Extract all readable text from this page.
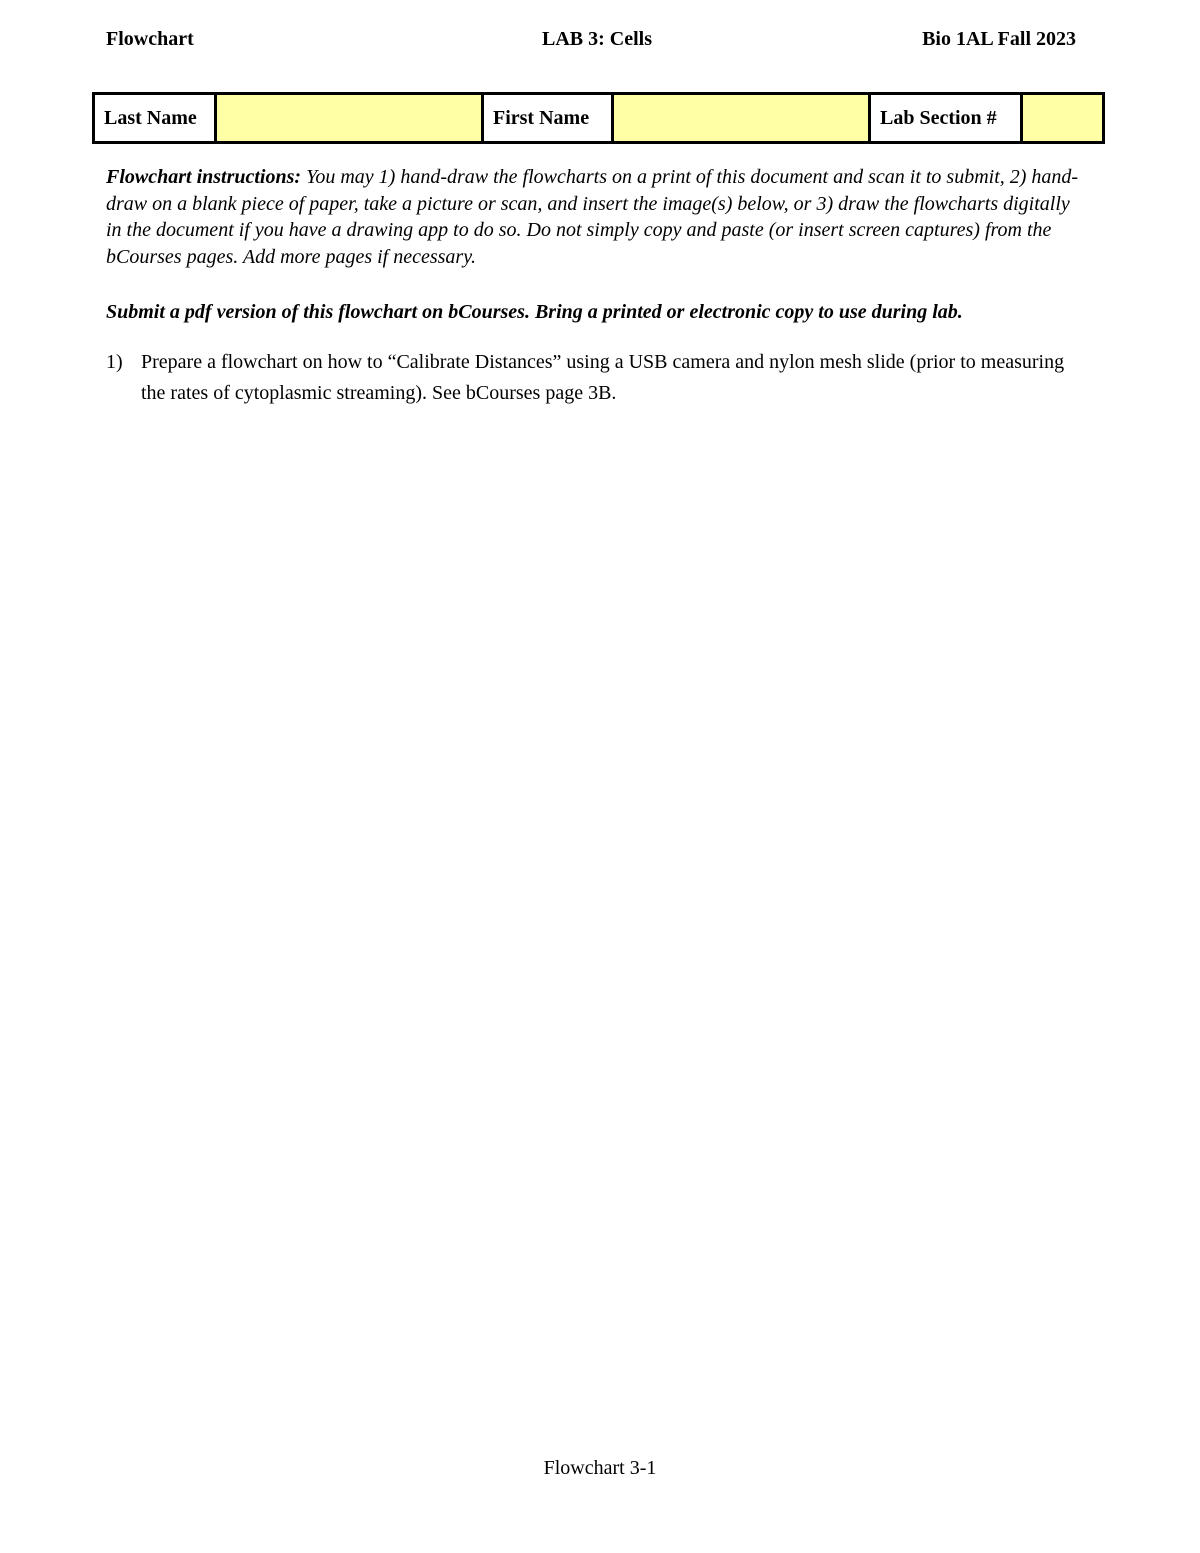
Flowchart	LAB 3: Cells	Bio 1AL Fall 2023
Last Name		First Name		Lab Section #	
Flowchart instructions: You may 1) hand-draw the flowcharts on a print of this document and scan it to submit, 2) hand-draw on a blank piece of paper, take a picture or scan, and insert the image(s) below, or 3) draw the flowcharts digitally in the document if you have a drawing app to do so. Do not simply copy and paste (or insert screen captures) from the bCourses pages. Add more pages if necessary.
Submit a pdf version of this flowchart on bCourses. Bring a printed or electronic copy to use during lab.
1) Prepare a flowchart on how to “Calibrate Distances” using a USB camera and nylon mesh slide (prior to measuring the rates of cytoplasmic streaming). See bCourses page 3B.
Flowchart 3-1
